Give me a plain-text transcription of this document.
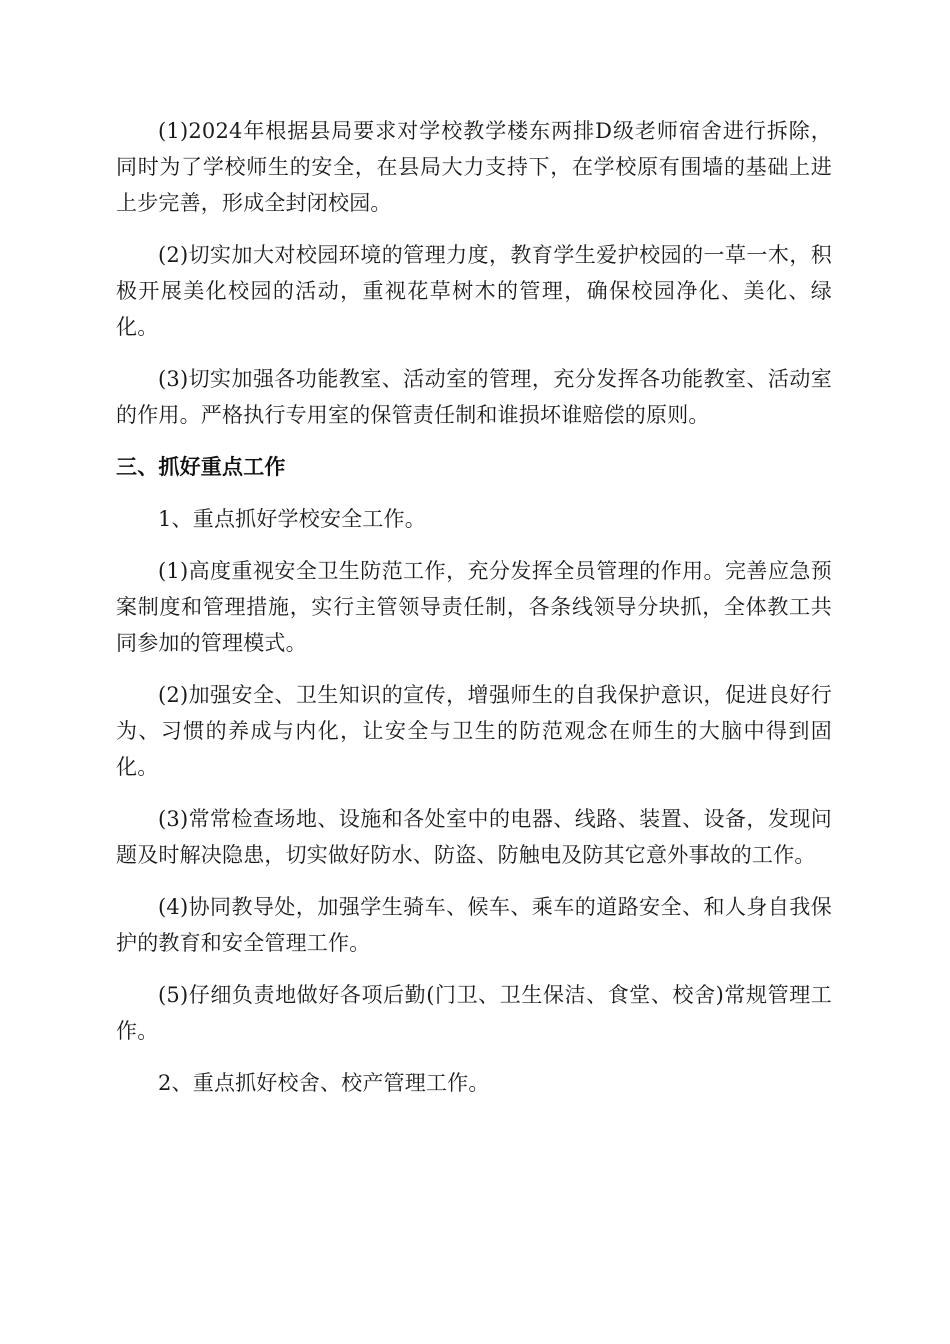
(1)2024年根据县局要求对学校教学楼东两排D级老师宿舍进行拆除，同时为了学校师生的安全，在县局大力支持下，在学校原有围墙的基础上进上步完善，形成全封闭校园。

(2)切实加大对校园环境的管理力度，教育学生爱护校园的一草一木，积极开展美化校园的活动，重视花草树木的管理，确保校园净化、美化、绿化。

(3)切实加强各功能教室、活动室的管理，充分发挥各功能教室、活动室的作用。严格执行专用室的保管责任制和谁损坏谁赔偿的原则。

三、抓好重点工作

1、重点抓好学校安全工作。

(1)高度重视安全卫生防范工作，充分发挥全员管理的作用。完善应急预案制度和管理措施，实行主管领导责任制，各条线领导分块抓，全体教工共同参加的管理模式。

(2)加强安全、卫生知识的宣传，增强师生的自我保护意识，促进良好行为、习惯的养成与内化，让安全与卫生的防范观念在师生的大脑中得到固化。

(3)常常检查场地、设施和各处室中的电器、线路、装置、设备，发现问题及时解决隐患，切实做好防水、防盗、防触电及防其它意外事故的工作。

(4)协同教导处，加强学生骑车、候车、乘车的道路安全、和人身自我保护的教育和安全管理工作。

(5)仔细负责地做好各项后勤(门卫、卫生保洁、食堂、校舍)常规管理工作。

2、重点抓好校舍、校产管理工作。
